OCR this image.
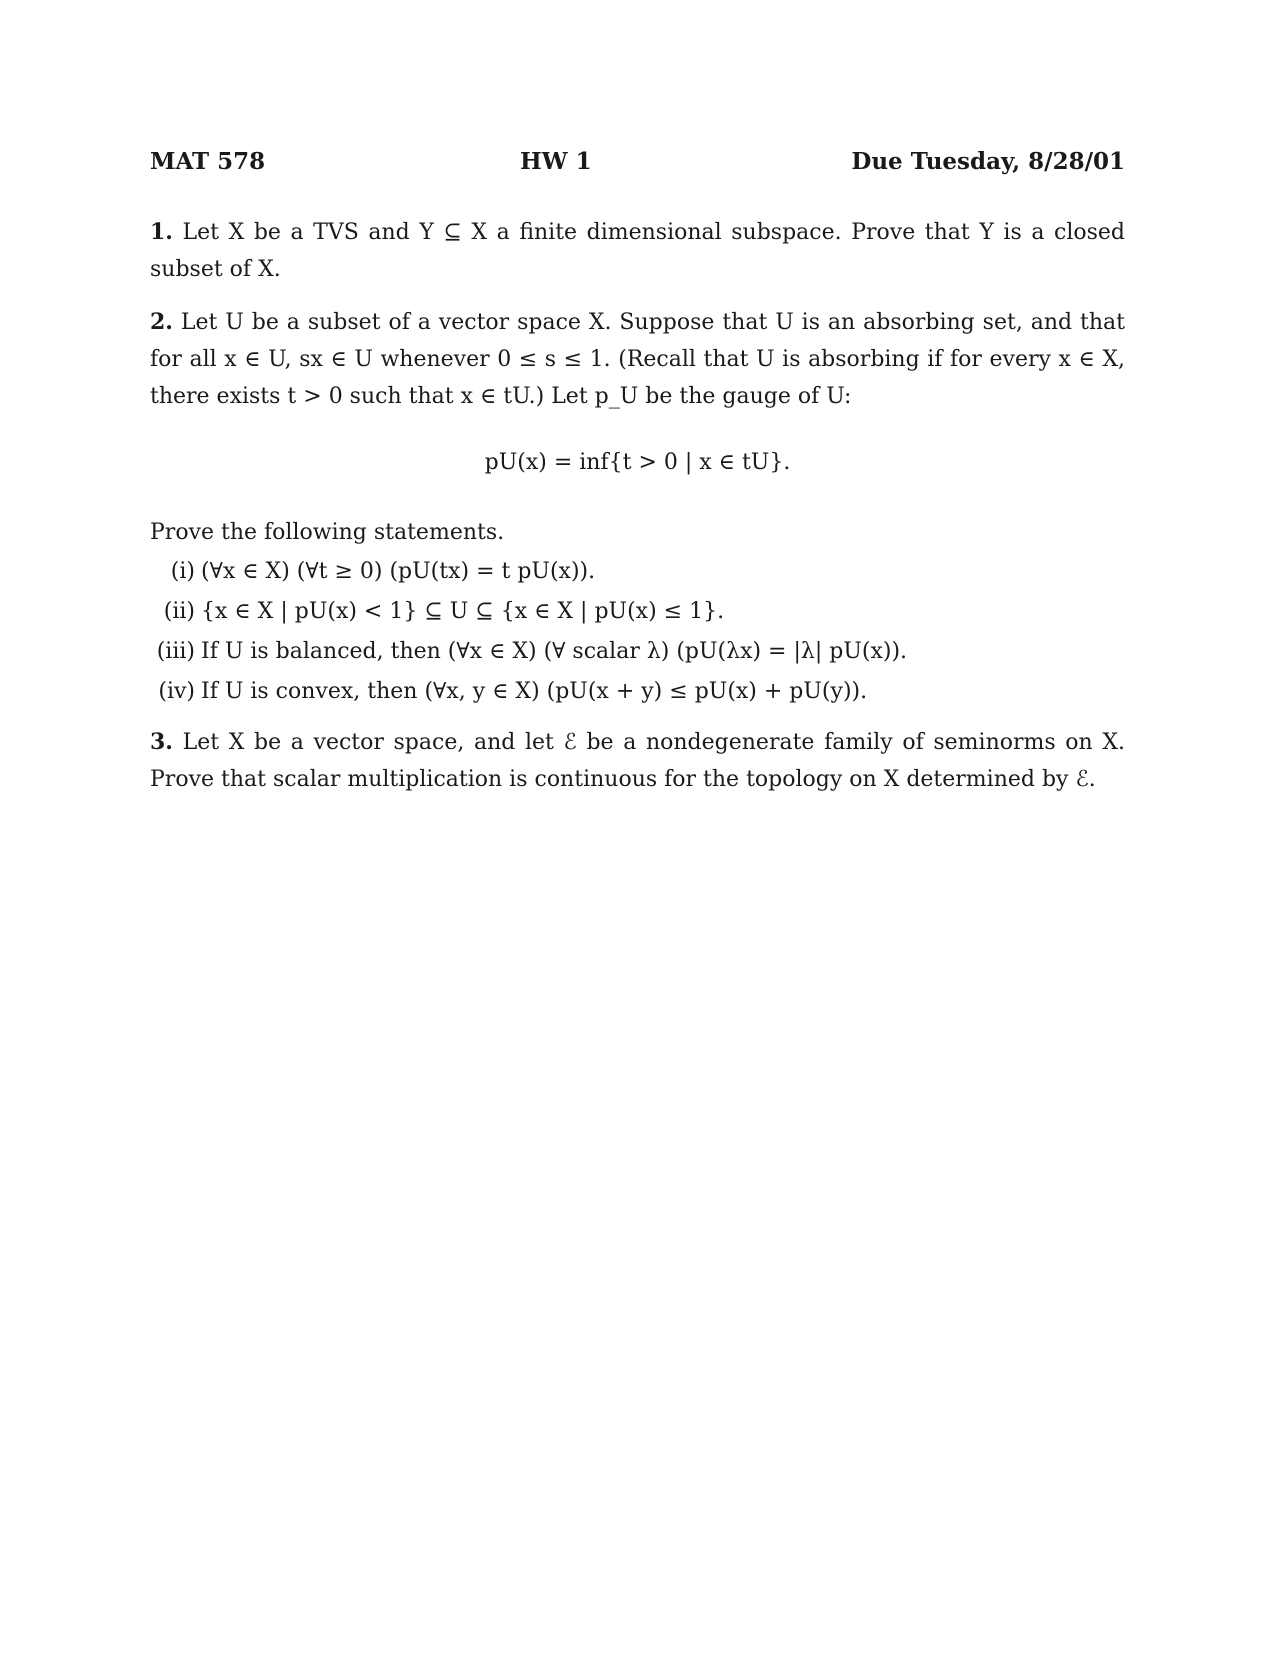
MAT 578	HW 1	Due Tuesday, 8/28/01
1. Let X be a TVS and Y ⊆ X a finite dimensional subspace. Prove that Y is a closed subset of X.
2. Let U be a subset of a vector space X. Suppose that U is an absorbing set, and that for all x ∈ U, sx ∈ U whenever 0 ≤ s ≤ 1. (Recall that U is absorbing if for every x ∈ X, there exists t > 0 such that x ∈ tU.) Let p_U be the gauge of U:
pU(x) = inf{t > 0 | x ∈ tU}.
Prove the following statements.
(i) (∀x ∈ X) (∀t ≥ 0) (pU(tx) = t pU(x)).
(ii) {x ∈ X | pU(x) < 1} ⊆ U ⊆ {x ∈ X | pU(x) ≤ 1}.
(iii) If U is balanced, then (∀x ∈ X) (∀ scalar λ) (pU(λx) = |λ| pU(x)).
(iv) If U is convex, then (∀x, y ∈ X) (pU(x + y) ≤ pU(x) + pU(y)).
3. Let X be a vector space, and let ℰ be a nondegenerate family of seminorms on X. Prove that scalar multiplication is continuous for the topology on X determined by ℰ.
